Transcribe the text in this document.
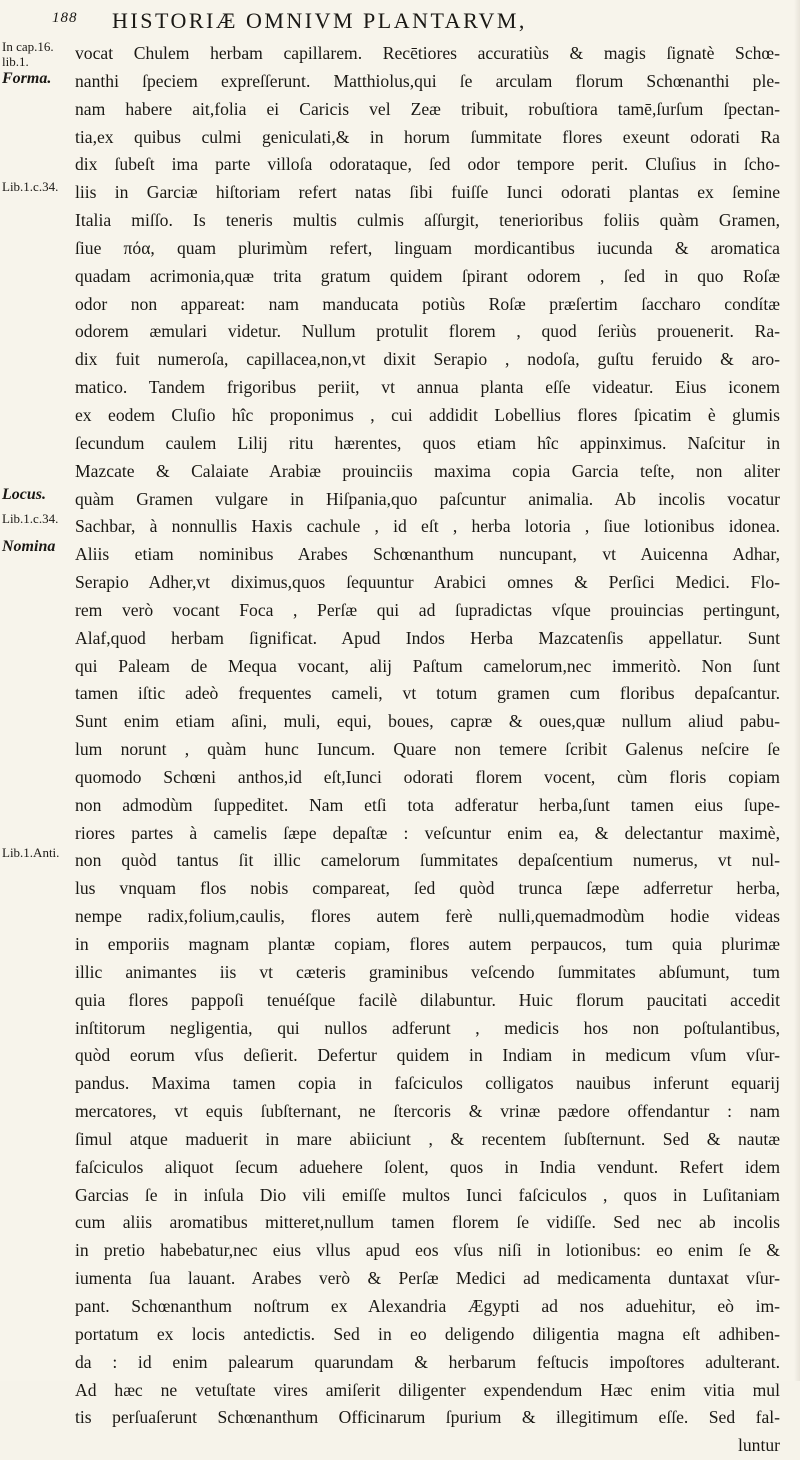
188 HISTORIÆ OMNIVM PLANTARVM,
In cap.16.
lib.1.
Forma.
Lib.1.c.34.
Locus.
Lib.1.c.34.
Nomina
Lib.1.Anti.
vocat Chulem herbam capillarem. Recētiores accuratiùs & magis ſignatè Schœ-
nanthi ſpeciem expreſſerunt. Matthiolus,qui ſe arculam florum Schœnanthi ple-
nam habere ait,folia ei Caricis vel Zeæ tribuit, robuſtiora tamē,ſurſum ſpectan-
tia,ex quibus culmi geniculati,& in horum ſummitate flores exeunt odorati Ra
dix ſubeſt ima parte villoſa odorataque, ſed odor tempore perit. Cluſius in ſcho-
liis in Garciæ hiſtoriam refert natas ſibi fuiſſe Iunci odorati plantas ex ſemine
Italia miſſo. Is teneris multis culmis aſſurgit, tenerioribus foliis quàm Gramen,
ſiue πόα, quam plurimùm refert, linguam mordicantibus iucunda & aromatica
quadam acrimonia,quæ trita gratum quidem ſpirant odorem , ſed in quo Roſæ
odor non appareat: nam manducata potiùs Roſæ præſertim ſaccharo condítæ
odorem æmulari videtur. Nullum protulit florem , quod ſeriùs prouenerit. Ra-
dix fuit numeroſa, capillacea,non,vt dixit Serapio , nodoſa, guſtu feruido & aro-
matico. Tandem frigoribus periit, vt annua planta eſſe videatur. Eius iconem
ex eodem Cluſio hîc proponimus , cui addidit Lobellius flores ſpicatim è glumis
ſecundum caulem Lilij ritu hærentes, quos etiam hîc appinximus. Naſcitur in
Mazcate & Calaiate Arabiæ prouinciis maxima copia Garcia teſte, non aliter
quàm Gramen vulgare in Hiſpania,quo paſcuntur animalia. Ab incolis vocatur
Sachbar, à nonnullis Haxis cachule , id eſt , herba lotoria , ſiue lotionibus idonea.
Aliis etiam nominibus Arabes Schœnanthum nuncupant, vt Auicenna Adhar,
Serapio Adher,vt diximus,quos ſequuntur Arabici omnes & Perſici Medici. Flo-
rem verò vocant Foca , Perſæ qui ad ſupradictas vſque prouincias pertingunt,
Alaf,quod herbam ſignificat. Apud Indos Herba Mazcatenſis appellatur. Sunt
qui Paleam de Mequa vocant, alij Paſtum camelorum,nec immeritò. Non ſunt
tamen iſtic adeò frequentes cameli, vt totum gramen cum floribus depaſcantur.
Sunt enim etiam aſini, muli, equi, boues, capræ & oues,quæ nullum aliud pabu-
lum norunt , quàm hunc Iuncum. Quare non temere ſcribit Galenus neſcire ſe
quomodo Schœni anthos,id eſt,Iunci odorati florem vocent, cùm floris copiam
non admodùm ſuppeditet. Nam etſi tota adferatur herba,ſunt tamen eius ſupe-
riores partes à camelis ſæpe depaſtæ : veſcuntur enim ea, & delectantur maximè,
non quòd tantus ſit illic camelorum ſummitates depaſcentium numerus, vt nul-
lus vnquam flos nobis compareat, ſed quòd trunca ſæpe adferretur herba,
nempe radix,folium,caulis, flores autem ferè nulli,quemadmodùm hodie videas
in emporiis magnam plantæ copiam, flores autem perpaucos, tum quia plurimæ
illic animantes iis vt cæteris graminibus veſcendo ſummitates abſumunt, tum
quia flores pappoſi tenuéſque facilè dilabuntur. Huic florum paucitati accedit
inſtitorum negligentia, qui nullos adferunt , medicis hos non poſtulantibus,
quòd eorum vſus deſierit. Defertur quidem in Indiam in medicum vſum vſur-
pandus. Maxima tamen copia in faſciculos colligatos nauibus inferunt equarij
mercatores, vt equis ſubſternant, ne ſtercoris & vrinæ pædore offendantur : nam
ſimul atque maduerit in mare abiiciunt , & recentem ſubſternunt. Sed & nautæ
faſciculos aliquot ſecum aduehere ſolent, quos in India vendunt. Refert idem
Garcias ſe in inſula Dio vili emiſſe multos Iunci faſciculos , quos in Luſitaniam
cum aliis aromatibus mitteret,nullum tamen florem ſe vidiſſe. Sed nec ab incolis
in pretio habebatur,nec eius vllus apud eos vſus niſi in lotionibus: eo enim ſe &
iumenta ſua lauant. Arabes verò & Perſæ Medici ad medicamenta duntaxat vſur-
pant. Schœnanthum noſtrum ex Alexandria Ægypti ad nos aduehitur, eò im-
portatum ex locis antedictis. Sed in eo deligendo diligentia magna eſt adhiben-
da : id enim palearum quarundam & herbarum feſtucis impoſtores adulterant.
Ad hæc ne vetuſtate vires amiſerit diligenter expendendum Hæc enim vitia mul
tis perſuaſerunt Schœnanthum Officinarum ſpurium & illegitimum eſſe. Sed fal-
luntur
